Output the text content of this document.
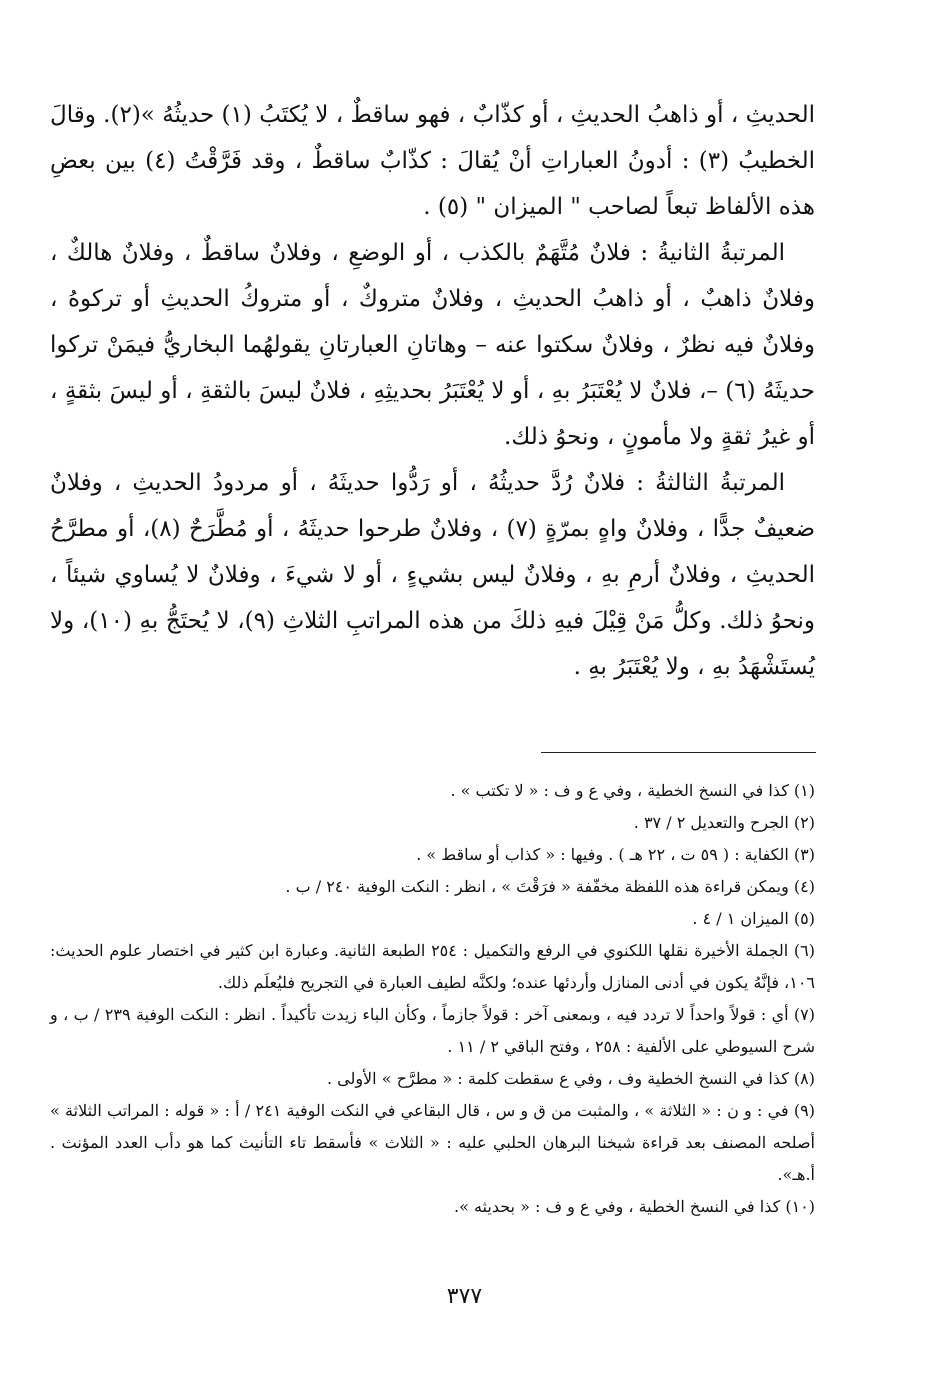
الحديثِ ، أو ذاهبُ الحديثِ ، أو كذّابٌ ، فهو ساقطٌ ، لا يُكتَبُ (١) حديثُهُ »(٢). وقالَ الخطيبُ (٣) : أدونُ العباراتِ أنْ يُقالَ : كذّابٌ ساقطٌ ، وقد فَرَّقْتُ (٤) بين بعضِ هذه الألفاظ تبعاً لصاحب " الميزان " (٥) .

المرتبةُ الثانيةُ : فلانٌ مُتَّهَمٌ بالكذب ، أو الوضعِ ، وفلانٌ ساقطٌ ، وفلانٌ هالكٌ ، وفلانٌ ذاهبٌ ، أو ذاهبُ الحديثِ ، وفلانٌ متروكٌ ، أو متروكُ الحديثِ أو تركوهُ ، وفلانٌ فيه نظرٌ ، وفلانٌ سكتوا عنه – وهاتانِ العبارتانِ يقولهُما البخاريُّ فيمَنْ تركوا حديثَهُ (٦) –، فلانٌ لا يُعْتَبَرُ بهِ ، أو لا يُعْتَبَرُ بحديثِهِ ، فلانٌ ليسَ بالثقةِ ، أو ليسَ بثقةٍ ، أو غيرُ ثقةٍ ولا مأمونٍ ، ونحوُ ذلك.

المرتبةُ الثالثةُ : فلانٌ رُدَّ حديثُهُ ، أو رَدُّوا حديثَهُ ، أو مردودُ الحديثِ ، وفلانٌ ضعيفٌ جدًّا ، وفلانٌ واهٍ بمرّةٍ (٧) ، وفلانٌ طرحوا حديثَهُ ، أو مُطَّرَحٌ (٨)، أو مطرَّحُ الحديثِ ، وفلانٌ أرمِ بهِ ، وفلانٌ ليس بشيءٍ ، أو لا شيءَ ، وفلانٌ لا يُساوي شيئاً ، ونحوُ ذلك. وكلُّ مَنْ قِيْلَ فيهِ ذلكَ من هذه المراتبِ الثلاثِ (٩)، لا يُحتَجُّ بهِ (١٠)، ولا يُستَشْهَدُ بهِ ، ولا يُعْتَبَرُ بهِ .

(١) كذا في النسخ الخطية ، وفي ع و ف : « لا تكتب » .

(٢) الجرح والتعديل ٢ / ٣٧ .

(٣) الكفاية : ( ٥٩ ت ، ٢٢ هـ ) . وفيها : « كذاب أو ساقط » .

(٤) ويمكن قراءة هذه اللفظة مخفّفة « فرَقْتَ » ، انظر : النكت الوفية ٢٤٠ / ب .

(٥) الميزان ١ / ٤ .

(٦) الجملة الأخيرة نقلها اللكنوي في الرفع والتكميل : ٢٥٤ الطبعة الثانية. وعبارة ابن كثير في اختصار علوم الحديث: ١٠٦، فإنَّهُ يكون في أدنى المنازل وأردئها عنده؛ ولكنَّه لطيف العبارة في التجريح فليُعلَم ذلك.

(٧) أي : قولاً واحداً لا تردد فيه ، وبمعنى آخر : قولاً جازماً ، وكأن الباء زيدت تأكيداً . انظر : النكت الوفية ٢٣٩ / ب ، و شرح السيوطي على الألفية : ٢٥٨ ، وفتح الباقي ٢ / ١١ .

(٨) كذا في النسخ الخطية وف ، وفي ع سقطت كلمة : « مطرَّح » الأولى .

(٩) في : و ن : « الثلاثة » ، والمثبت من ق و س ، قال البقاعي في النكت الوفية ٢٤١ / أ : « قوله : المراتب الثلاثة » أصلحه المصنف بعد قراءة شيخنا البرهان الحلبي عليه : « الثلاث » فأسقط تاء التأنيث كما هو دأب العدد المؤنث . أ.هـ».

(١٠) كذا في النسخ الخطية ، وفي ع و ف : « بحديثه ».

٣٧٧
